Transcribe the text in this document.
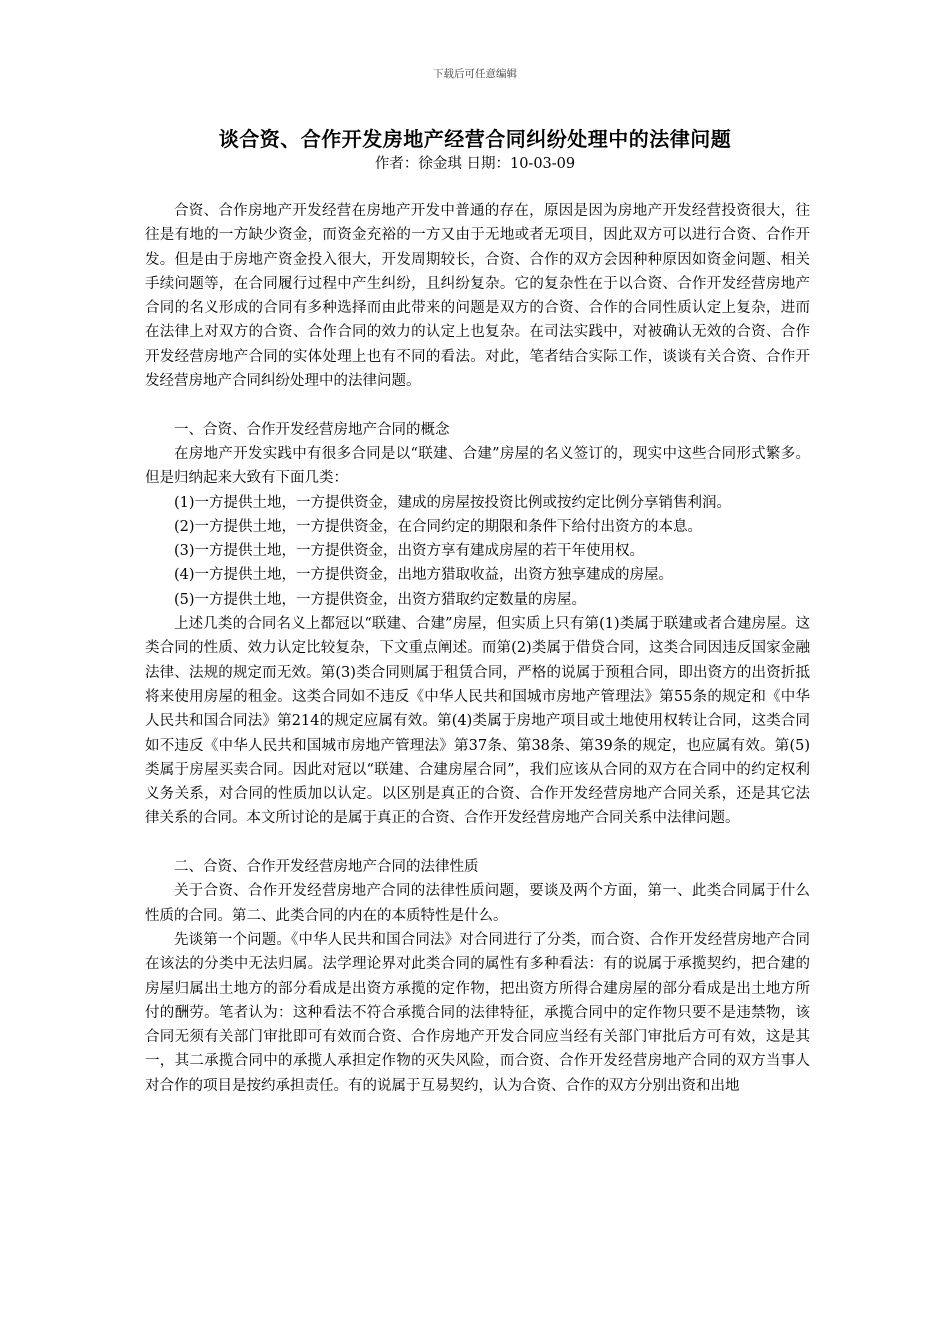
下载后可任意编辑
谈合资、合作开发房地产经营合同纠纷处理中的法律问题
作者：徐金琪 日期：10-03-09

合资、合作房地产开发经营在房地产开发中普通的存在，原因是因为房地产开发经营投资很大，往往是有地的一方缺少资金，而资金充裕的一方又由于无地或者无项目，因此双方可以进行合资、合作开发。但是由于房地产资金投入很大，开发周期较长，合资、合作的双方会因种种原因如资金问题、相关手续问题等，在合同履行过程中产生纠纷，且纠纷复杂。它的复杂性在于以合资、合作开发经营房地产合同的名义形成的合同有多种选择而由此带来的问题是双方的合资、合作的合同性质认定上复杂，进而在法律上对双方的合资、合作合同的效力的认定上也复杂。在司法实践中，对被确认无效的合资、合作开发经营房地产合同的实体处理上也有不同的看法。对此，笔者结合实际工作，谈谈有关合资、合作开发经营房地产合同纠纷处理中的法律问题。

一、合资、合作开发经营房地产合同的概念

在房地产开发实践中有很多合同是以“联建、合建”房屋的名义签订的，现实中这些合同形式繁多。但是归纳起来大致有下面几类：

(1)一方提供土地，一方提供资金，建成的房屋按投资比例或按约定比例分享销售利润。

(2)一方提供土地，一方提供资金，在合同约定的期限和条件下给付出资方的本息。

(3)一方提供土地，一方提供资金，出资方享有建成房屋的若干年使用权。

(4)一方提供土地，一方提供资金，出地方猎取收益，出资方独享建成的房屋。

(5)一方提供土地，一方提供资金，出资方猎取约定数量的房屋。

上述几类的合同名义上都冠以“联建、合建”房屋，但实质上只有第(1)类属于联建或者合建房屋。这类合同的性质、效力认定比较复杂，下文重点阐述。而第(2)类属于借贷合同，这类合同因违反国家金融法律、法规的规定而无效。第(3)类合同则属于租赁合同，严格的说属于预租合同，即出资方的出资折抵将来使用房屋的租金。这类合同如不违反《中华人民共和国城市房地产管理法》第55条的规定和《中华人民共和国合同法》第214的规定应属有效。第(4)类属于房地产项目或土地使用权转让合同，这类合同如不违反《中华人民共和国城市房地产管理法》第37条、第38条、第39条的规定，也应属有效。第(5)类属于房屋买卖合同。因此对冠以“联建、合建房屋合同”，我们应该从合同的双方在合同中的约定权利义务关系，对合同的性质加以认定。以区别是真正的合资、合作开发经营房地产合同关系，还是其它法律关系的合同。本文所讨论的是属于真正的合资、合作开发经营房地产合同关系中法律问题。

二、合资、合作开发经营房地产合同的法律性质

关于合资、合作开发经营房地产合同的法律性质问题，要谈及两个方面，第一、此类合同属于什么性质的合同。第二、此类合同的内在的本质特性是什么。

先谈第一个问题。《中华人民共和国合同法》对合同进行了分类，而合资、合作开发经营房地产合同在该法的分类中无法归属。法学理论界对此类合同的属性有多种看法：有的说属于承揽契约，把合建的房屋归属出土地方的部分看成是出资方承揽的定作物，把出资方所得合建房屋的部分看成是出土地方所付的酬劳。笔者认为：这种看法不符合承揽合同的法律特征，承揽合同中的定作物只要不是违禁物，该合同无须有关部门审批即可有效而合资、合作房地产开发合同应当经有关部门审批后方可有效，这是其一，其二承揽合同中的承揽人承担定作物的灭失风险，而合资、合作开发经营房地产合同的双方当事人对合作的项目是按约承担责任。有的说属于互易契约，认为合资、合作的双方分别出资和出地
